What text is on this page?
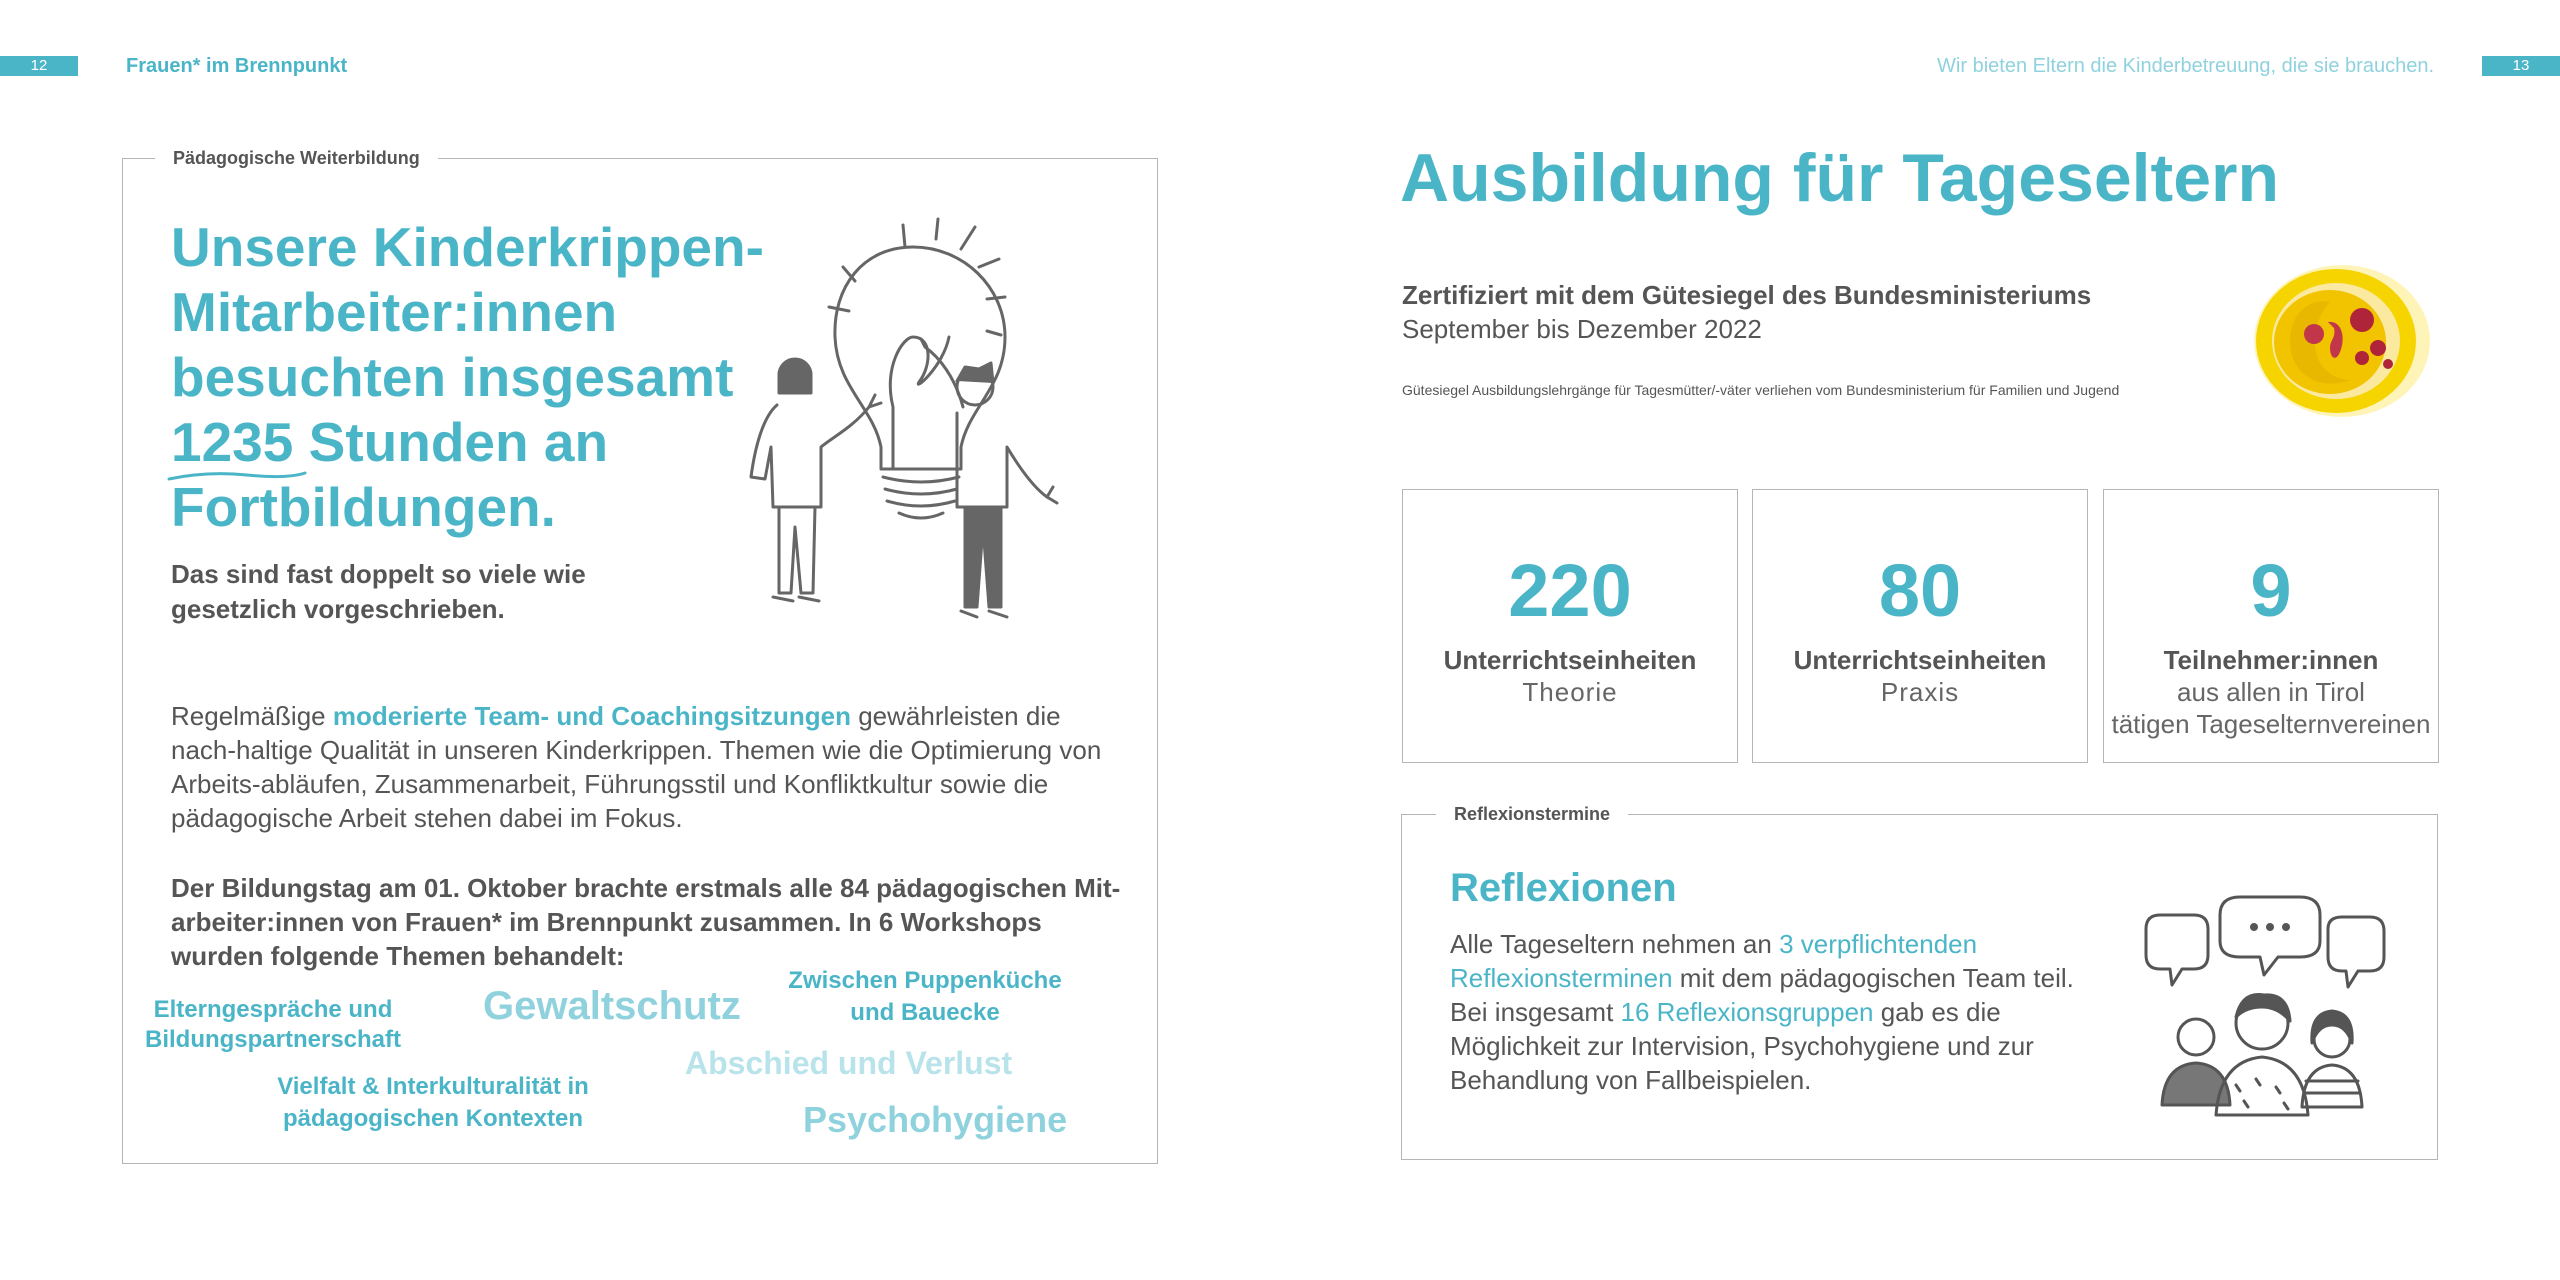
12	Frauen* im Brennpunkt	Wir bieten Eltern die Kinderbetreuung, die sie brauchen.	13
Pädagogische Weiterbildung
Unsere Kinderkrippen-
Mitarbeiter:innen
besuchten insgesamt
1235
Stunden an
Fortbildungen.
Das sind fast doppelt so viele wie gesetzlich vorgeschrieben.
Regelmäßige moderierte Team- und Coachingsitzungen gewährleisten die nach-haltige Qualität in unseren Kinderkrippen. Themen wie die Optimierung von Arbeits-abläufen, Zusammenarbeit, Führungsstil und Konfliktkultur sowie die pädagogische Arbeit stehen dabei im Fokus.
Der Bildungstag am 01. Oktober brachte erstmals alle 84 pädagogischen Mit-arbeiter:innen von Frauen* im Brennpunkt zusammen. In 6 Workshops wurden folgende Themen behandelt:
Elterngespräche und
Bildungspartnerschaft
Gewaltschutz
Zwischen Puppenküche
und Bauecke
Abschied und Verlust
Vielfalt & Interkulturalität in
pädagogischen Kontexten	Psychohygiene
Ausbildung für Tageseltern
Zertifiziert mit dem Gütesiegel des Bundesministeriums
September bis Dezember 2022
Gütesiegel Ausbildungslehrgänge für Tagesmütter/-väter verliehen vom Bundesministerium für Familien und Jugend
220
Unterrichtseinheiten
Theorie
80
Unterrichtseinheiten
Praxis
9
Teilnehmer:innen
aus allen in Tirol
tätigen Tageselternvereinen
Reflexionstermine
Reflexionen
Alle Tageseltern nehmen an 3 verpflichtenden Reflexionsterminen mit dem pädagogischen Team teil. Bei insgesamt 16 Reflexionsgruppen gab es die Möglichkeit zur Intervision, Psychohygiene und zur Behandlung von Fallbeispielen.
